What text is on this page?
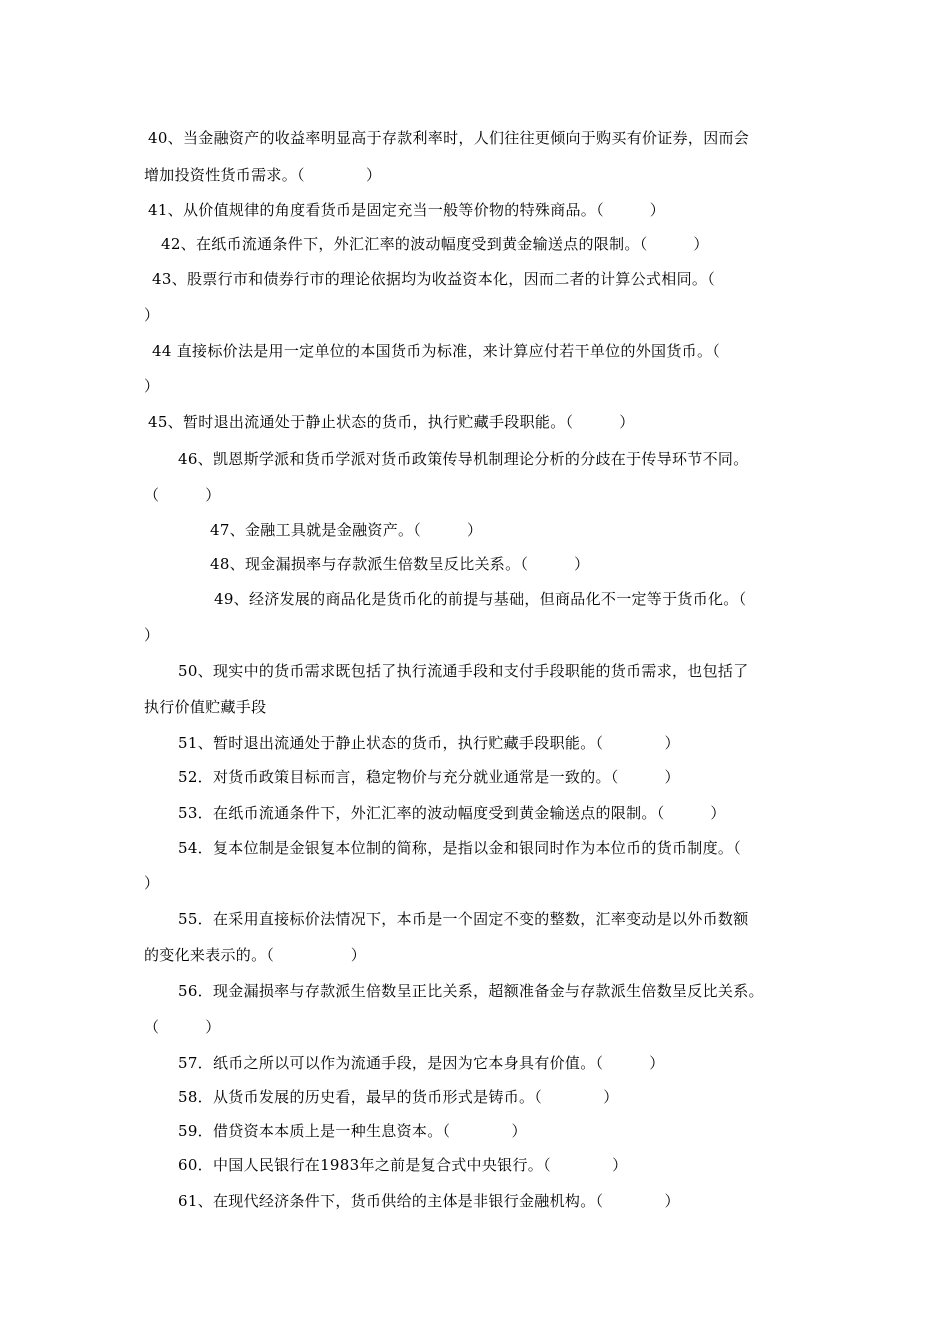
40、当金融资产的收益率明显高于存款利率时，人们往往更倾向于购买有价证券，因而会
增加投资性货币需求。（　　　　）
41、从价值规律的角度看货币是固定充当一般等价物的特殊商品。（　　　）
42、在纸币流通条件下，外汇汇率的波动幅度受到黄金输送点的限制。（　　　）
43、股票行市和债券行市的理论依据均为收益资本化，因而二者的计算公式相同。（
）
44 直接标价法是用一定单位的本国货币为标准，来计算应付若干单位的外国货币。（
）
45、暂时退出流通处于静止状态的货币，执行贮藏手段职能。（　　　）
46、凯恩斯学派和货币学派对货币政策传导机制理论分析的分歧在于传导环节不同。
（　　　）
47、金融工具就是金融资产。（　　　）
48、现金漏损率与存款派生倍数呈反比关系。（　　　）
49、经济发展的商品化是货币化的前提与基础，但商品化不一定等于货币化。（
）
50、现实中的货币需求既包括了执行流通手段和支付手段职能的货币需求，也包括了
执行价值贮藏手段
51、暂时退出流通处于静止状态的货币，执行贮藏手段职能。（　　　　）
52．对货币政策目标而言，稳定物价与充分就业通常是一致的。（　　　）
53．在纸币流通条件下，外汇汇率的波动幅度受到黄金输送点的限制。（　　　）
54．复本位制是金银复本位制的简称，是指以金和银同时作为本位币的货币制度。（
）
55．在采用直接标价法情况下，本币是一个固定不变的整数，汇率变动是以外币数额
的变化来表示的。（　　　　　）
56．现金漏损率与存款派生倍数呈正比关系，超额准备金与存款派生倍数呈反比关系。
（　　　）
57．纸币之所以可以作为流通手段，是因为它本身具有价值。（　　　）
58．从货币发展的历史看，最早的货币形式是铸币。（　　　　）
59．借贷资本本质上是一种生息资本。（　　　　）
60．中国人民银行在1983年之前是复合式中央银行。（　　　　）
61、在现代经济条件下，货币供给的主体是非银行金融机构。（　　　　）
